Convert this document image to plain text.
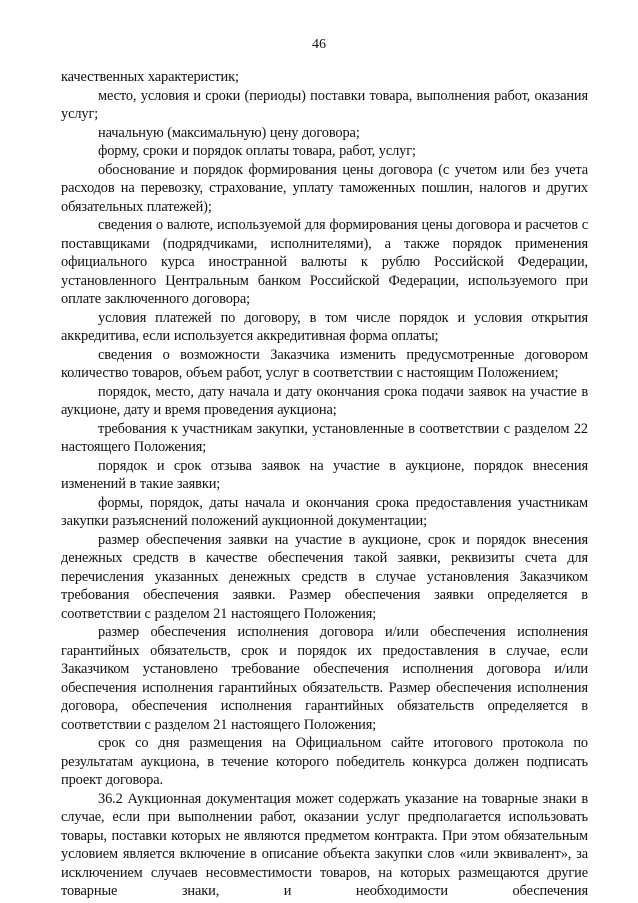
46

качественных характеристик;

место, условия и сроки (периоды) поставки товара, выполнения работ, оказания услуг;

начальную (максимальную) цену договора;

форму, сроки и порядок оплаты товара, работ, услуг;

обоснование и порядок формирования цены договора (с учетом или без учета расходов на перевозку, страхование, уплату таможенных пошлин, налогов и других обязательных платежей);

сведения о валюте, используемой для формирования цены договора и расчетов с поставщиками (подрядчиками, исполнителями), а также порядок применения официального курса иностранной валюты к рублю Российской Федерации, установленного Центральным банком Российской Федерации, используемого при оплате заключенного договора;

условия платежей по договору, в том числе порядок и условия открытия аккредитива, если используется аккредитивная форма оплаты;

сведения о возможности Заказчика изменить предусмотренные договором количество товаров, объем работ, услуг в соответствии с настоящим Положением;

порядок, место, дату начала и дату окончания срока подачи заявок на участие в аукционе, дату и время проведения аукциона;

требования к участникам закупки, установленные в соответствии с разделом 22 настоящего Положения;

порядок и срок отзыва заявок на участие в аукционе, порядок внесения изменений в такие заявки;

формы, порядок, даты начала и окончания срока предоставления участникам закупки разъяснений положений аукционной документации;

размер обеспечения заявки на участие в аукционе, срок и порядок внесения денежных средств в качестве обеспечения такой заявки, реквизиты счета для перечисления указанных денежных средств в случае установления Заказчиком требования обеспечения заявки. Размер обеспечения заявки определяется в соответствии с разделом 21 настоящего Положения;

размер обеспечения исполнения договора и/или обеспечения исполнения гарантийных обязательств, срок и порядок их предоставления в случае, если Заказчиком установлено требование обеспечения исполнения договора и/или обеспечения исполнения гарантийных обязательств. Размер обеспечения исполнения договора, обеспечения исполнения гарантийных обязательств определяется в соответствии с разделом 21 настоящего Положения;

срок со дня размещения на Официальном сайте итогового протокола по результатам аукциона, в течение которого победитель конкурса должен подписать проект договора.

36.2 Аукционная документация может содержать указание на товарные знаки в случае, если при выполнении работ, оказании услуг предполагается использовать товары, поставки которых не являются предметом контракта. При этом обязательным условием является включение в описание объекта закупки слов «или эквивалент», за исключением случаев несовместимости товаров, на которых размещаются другие товарные знаки, и необходимости обеспечения
